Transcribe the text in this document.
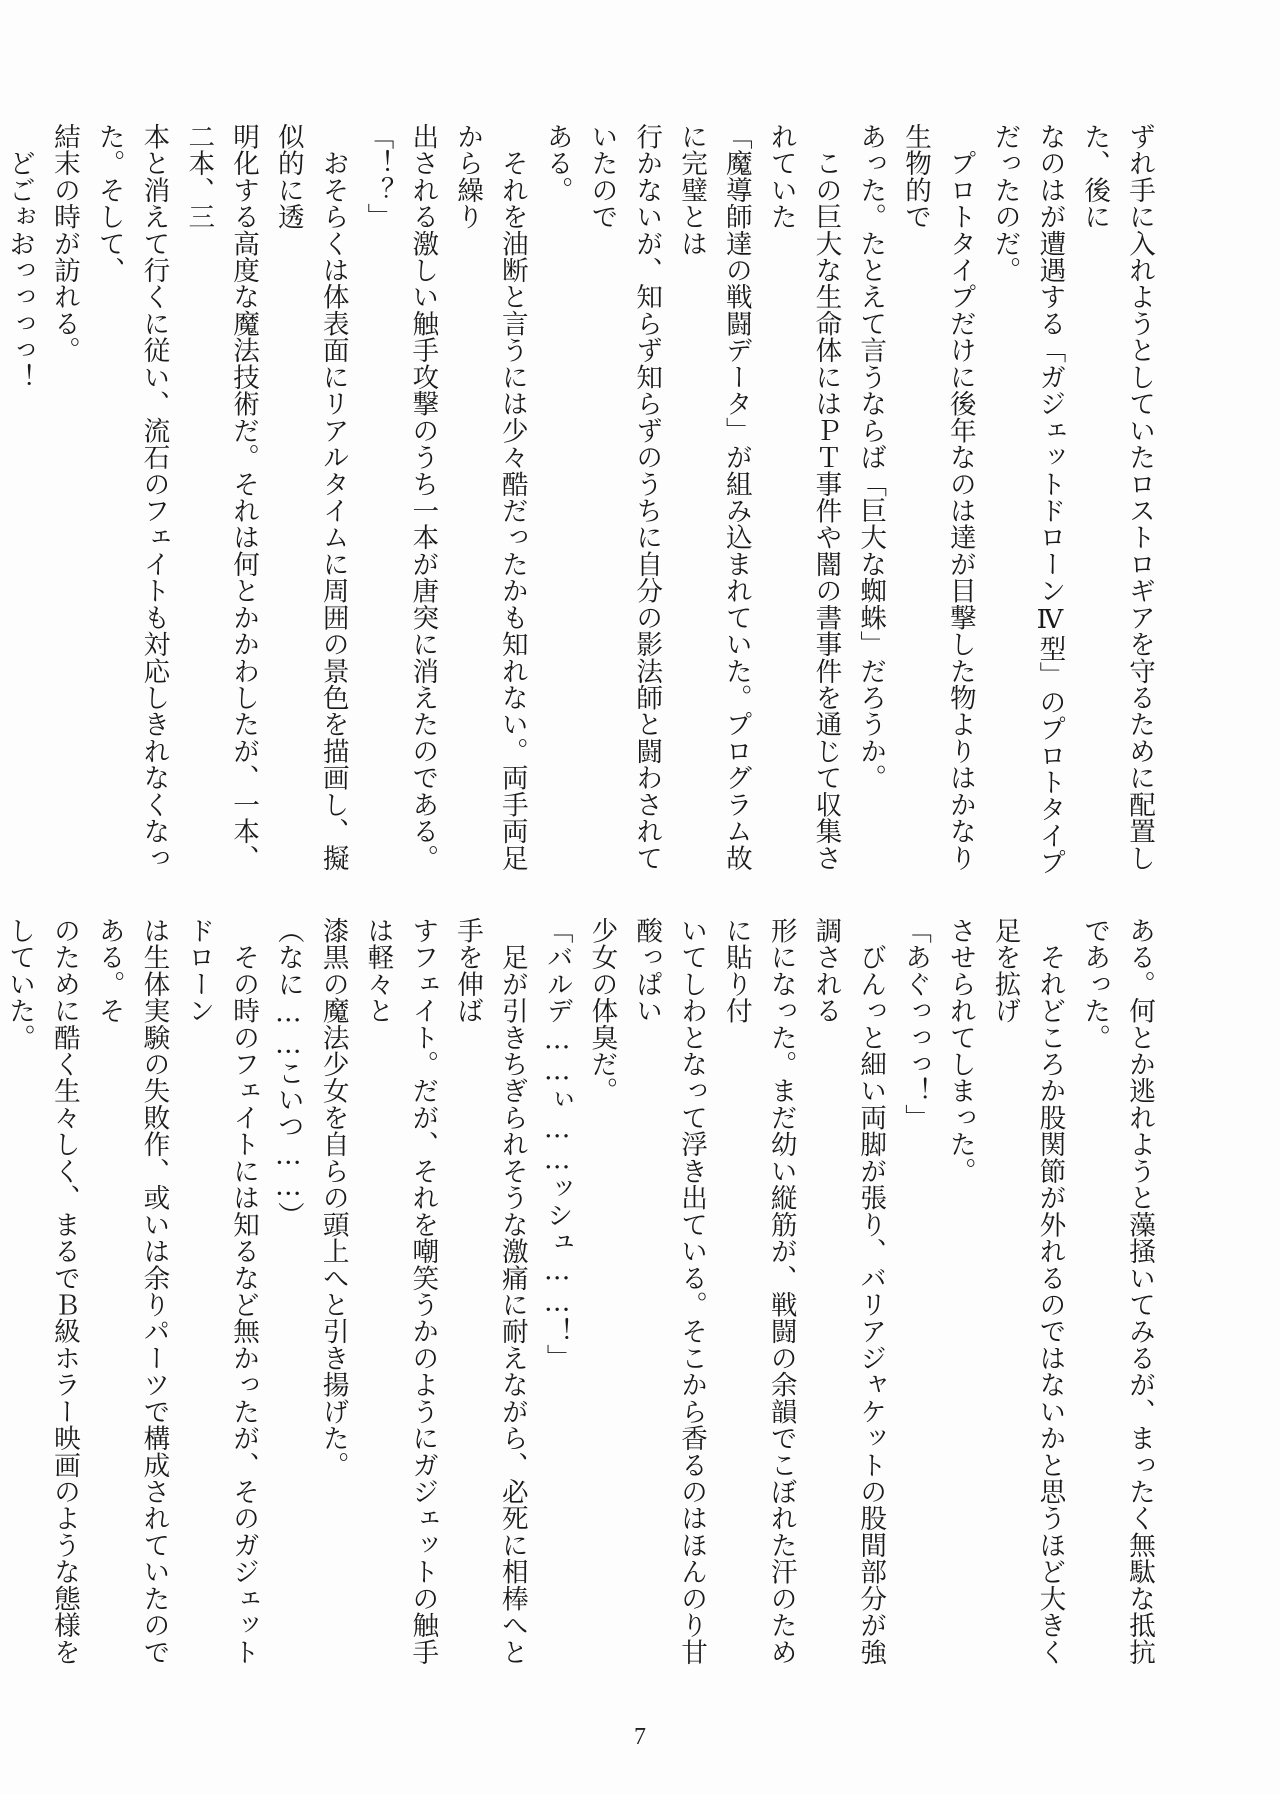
ずれ手に入れようとしていたロストロギアを守るために配置した、後に

なのはが遭遇する「ガジェットドローンⅣ型」のプロトタイプだったのだ。

　プロトタイプだけに後年なのは達が目撃した物よりはかなり生物的で

あった。たとえて言うならば「巨大な蜘蛛」だろうか。

　この巨大な生命体にはＰＴ事件や闇の書事件を通じて収集されていた

「魔導師達の戦闘データ」が組み込まれていた。プログラム故に完璧とは

行かないが、知らず知らずのうちに自分の影法師と闘わされていたので

ある。

　それを油断と言うには少々酷だったかも知れない。両手両足から繰り

出される激しい触手攻撃のうち一本が唐突に消えたのである。

「！？」

　おそらくは体表面にリアルタイムに周囲の景色を描画し、擬似的に透

明化する高度な魔法技術だ。それは何とかかわしたが、一本、二本、三

本と消えて行くに従い、流石のフェイトも対応しきれなくなった。そして、

結末の時が訪れる。

　どごぉおっっっっ！

ある。何とか逃れようと藻掻いてみるが、まったく無駄な抵抗であった。

　それどころか股関節が外れるのではないかと思うほど大きく足を拡げ

させられてしまった。

「あぐっっっ！」

　びんっと細い両脚が張り、バリアジャケットの股間部分が強調される

形になった。まだ幼い縦筋が、戦闘の余韻でこぼれた汗のために貼り付

いてしわとなって浮き出ている。そこから香るのはほんのり甘酸っぱい

少女の体臭だ。

「バルデ……ぃ……ッシュ……！」

　足が引きちぎられそうな激痛に耐えながら、必死に相棒へと手を伸ば

すフェイト。だが、それを嘲笑うかのようにガジェットの触手は軽々と

漆黒の魔法少女を自らの頭上へと引き揚げた。

（なに……こいつ……）

　その時のフェイトには知るなど無かったが、そのガジェットドローン

は生体実験の失敗作、或いは余りパーツで構成されていたのである。そ

のために酷く生々しく、まるでＢ級ホラー映画のような態様をしていた。

7
